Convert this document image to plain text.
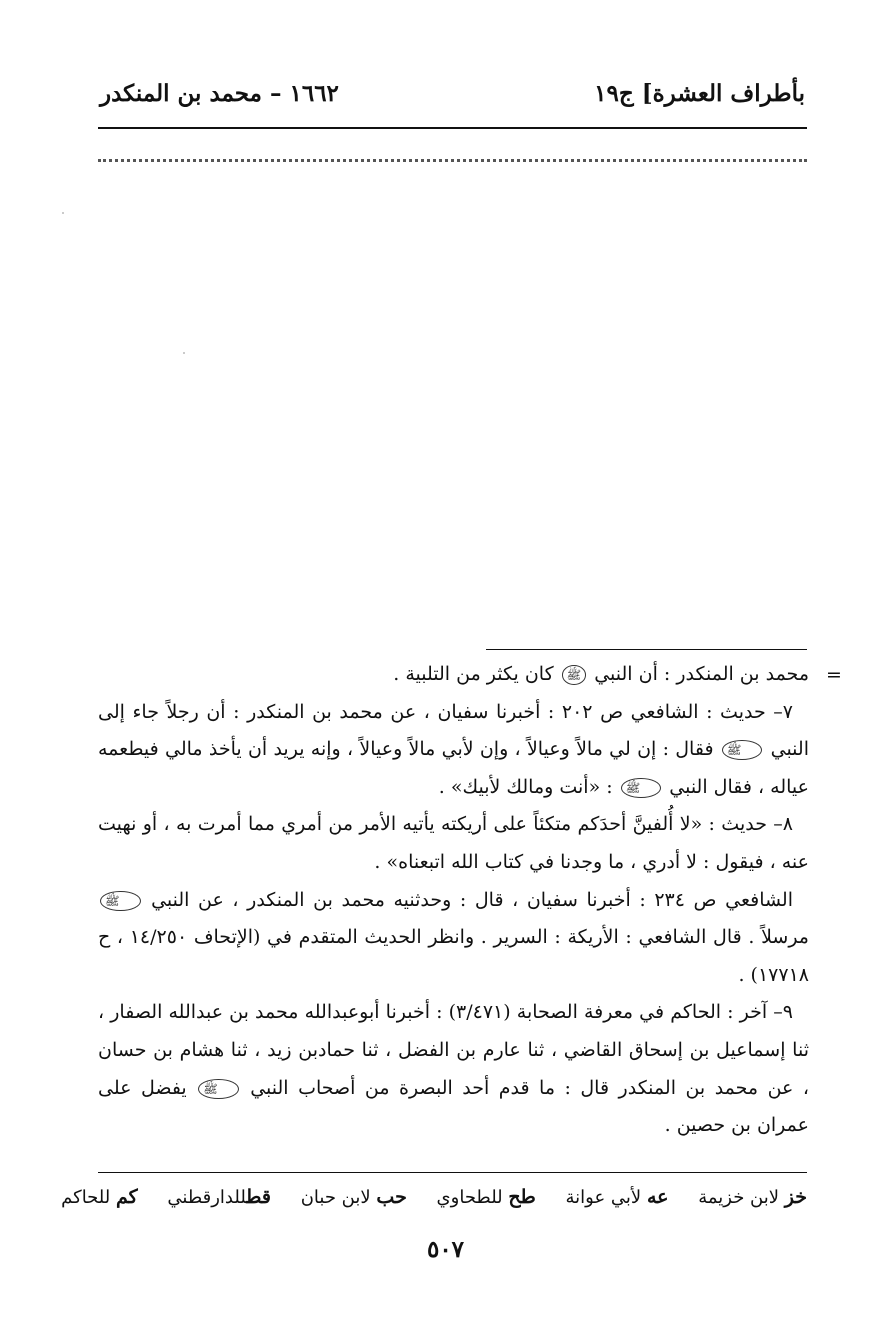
بأطراف العشرة] ج١٩
١٦٦٢ – محمد بن المنكدر
=

محمد بن المنكدر : أن النبي ﷺ كان يكثر من التلبية .

٧– حديث : الشافعي ص ٢٠٢ : أخبرنا سفيان ، عن محمد بن المنكدر : أن رجلاً جاء إلى النبي ﷺ فقال : إن لي مالاً وعيالاً ، وإن لأبي مالاً وعيالاً ، وإنه يريد أن يأخذ مالي فيطعمه عياله ، فقال النبي ﷺ : «أنت ومالك لأبيك» .

٨– حديث : «لا أُلفينَّ أحدَكم متكئاً على أريكته يأتيه الأمر من أمري مما أمرت به ، أو نهيت عنه ، فيقول : لا أدري ، ما وجدنا في كتاب الله اتبعناه» .

الشافعي ص ٢٣٤ : أخبرنا سفيان ، قال : وحدثنيه محمد بن المنكدر ، عن النبي ﷺ مرسلاً . قال الشافعي : الأريكة : السرير . وانظر الحديث المتقدم في (الإتحاف ١٤/٢٥٠ ، ح ١٧٧١٨) .

٩– آخر : الحاكم في معرفة الصحابة (٣/٤٧١) : أخبرنا أبوعبدالله محمد بن عبدالله الصفار ، ثنا إسماعيل بن إسحاق القاضي ، ثنا عارم بن الفضل ، ثنا حمادبن زيد ، ثنا هشام بن حسان ، عن محمد بن المنكدر قال : ما قدم أحد البصرة من أصحاب النبي ﷺ يفضل على عمران بن حصين .

خز لابن خزيمة عه لأبي عوانة طح للطحاوي حب لابن حبان قطللدارقطني كم للحاكم
٥٠٧
